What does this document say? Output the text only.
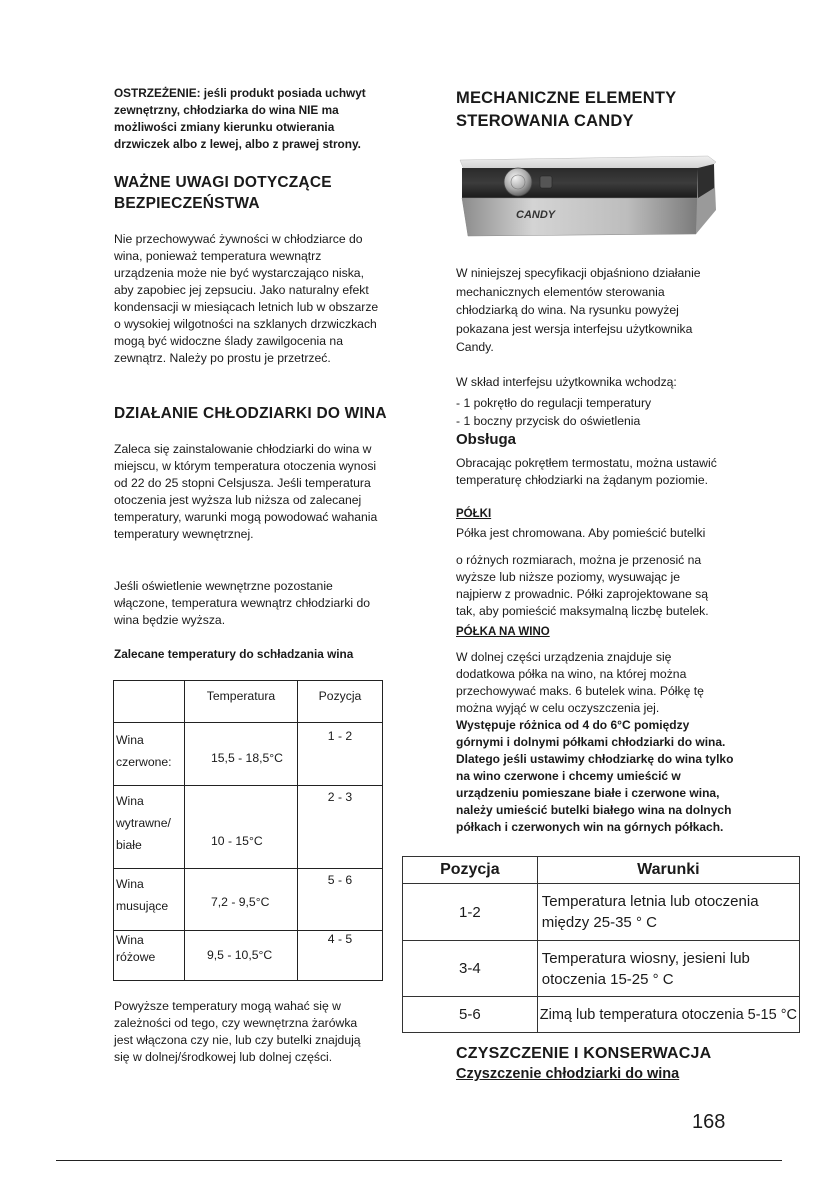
OSTRZEŻENIE: jeśli produkt posiada uchwyt zewnętrzny, chłodziarka do wina NIE ma możliwości zmiany kierunku otwierania drzwiczek albo z lewej, albo z prawej strony.
WAŻNE UWAGI DOTYCZĄCE BEZPIECZEŃSTWA
Nie przechowywać żywności w chłodziarce do wina, ponieważ temperatura wewnątrz urządzenia może nie być wystarczająco niska, aby zapobiec jej zepsuciu. Jako naturalny efekt kondensacji w miesiącach letnich lub w obszarze o wysokiej wilgotności na szklanych drzwiczkach mogą być widoczne ślady zawilgocenia na zewnątrz. Należy po prostu je przetrzeć.
DZIAŁANIE CHŁODZIARKI DO WINA
Zaleca się zainstalowanie chłodziarki do wina w miejscu, w którym temperatura otoczenia wynosi od 22 do 25 stopni Celsjusza. Jeśli temperatura otoczenia jest wyższa lub niższa od zalecanej temperatury, warunki mogą powodować wahania temperatury wewnętrznej.
Jeśli oświetlenie wewnętrzne pozostanie włączone, temperatura wewnątrz chłodziarki do wina będzie wyższa.
Zalecane temperatury do schładzania wina
	Temperatura	Pozycja

Wina
czerwone:	15,5 - 18,5°C	1 - 2

Wina
wytrawne/
białe	10 - 15°C	2 - 3

Wina
musujące	7,2 - 9,5°C	5 - 6

Wina
różowe	9,5 - 10,5°C	4 - 5
Powyższe temperatury mogą wahać się w zależności od tego, czy wewnętrzna żarówka jest włączona czy nie, lub czy butelki znajdują się w dolnej/środkowej lub dolnej części.
MECHANICZNE ELEMENTY STEROWANIA CANDY
CANDY
W niniejszej specyfikacji objaśniono działanie mechanicznych elementów sterowania chłodziarką do wina. Na rysunku powyżej pokazana jest wersja interfejsu użytkownika Candy.
W skład interfejsu użytkownika wchodzą:
- 1 pokrętło do regulacji temperatury
- 1 boczny przycisk do oświetlenia
Obsługa
Obracając pokrętłem termostatu, można ustawić temperaturę chłodziarki na żądanym poziomie.
PÓŁKI
Półka jest chromowana. Aby pomieścić butelki
o różnych rozmiarach, można je przenosić na wyższe lub niższe poziomy, wysuwając je najpierw z prowadnic. Półki zaprojektowane są tak, aby pomieścić maksymalną liczbę butelek.
PÓŁKA NA WINO
W dolnej części urządzenia znajduje się dodatkowa półka na wino, na której można przechowywać maks. 6 butelek wina. Półkę tę można wyjąć w celu oczyszczenia jej.
Występuje różnica od 4 do 6°C pomiędzy górnymi i dolnymi półkami chłodziarki do wina. Dlatego jeśli ustawimy chłodziarkę do wina tylko na wino czerwone i chcemy umieścić w urządzeniu pomieszane białe i czerwone wina, należy umieścić butelki białego wina na dolnych półkach i czerwonych win na górnych półkach.
Pozycja	Warunki
1-2	Temperatura letnia lub otoczenia między 25-35 ° C
3-4	Temperatura wiosny, jesieni lub otoczenia 15-25 ° C
5-6	Zimą lub temperatura otoczenia 5-15 °C
CZYSZCZENIE I KONSERWACJA
Czyszczenie chłodziarki do wina
168
